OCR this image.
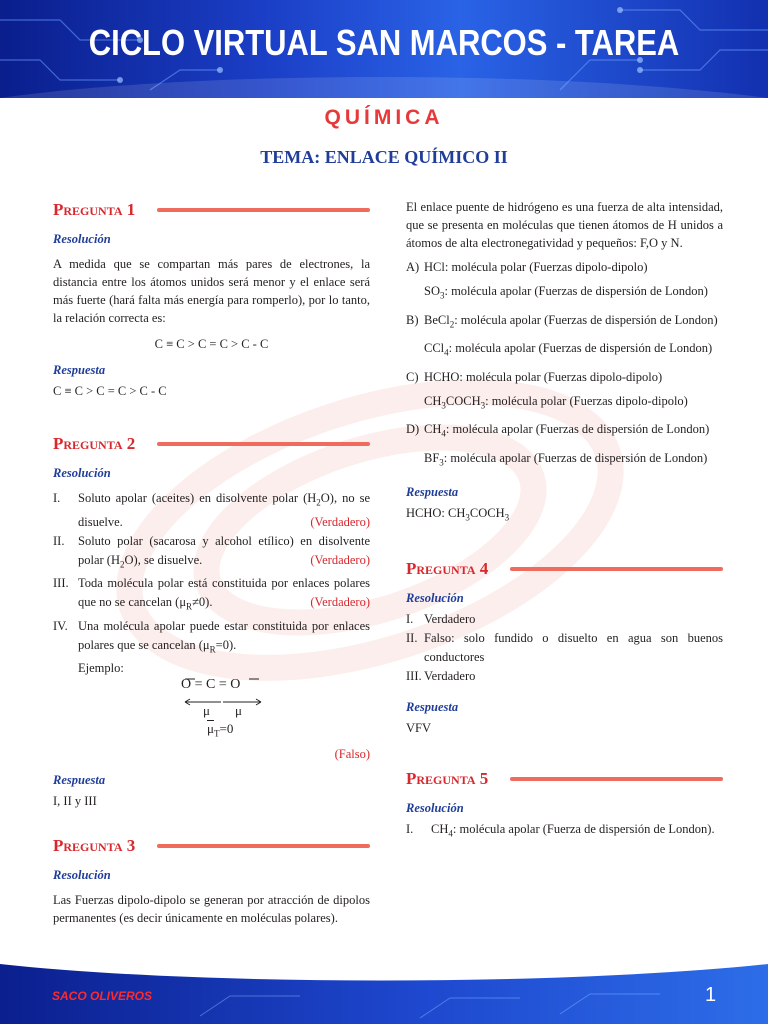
CICLO VIRTUAL SAN MARCOS - TAREA
QUÍMICA
TEMA: ENLACE QUÍMICO II
Pregunta 1
Resolución
A medida que se compartan más pares de electrones, la distancia entre los átomos unidos será menor y el enlace será más fuerte (hará falta más energía para romperlo), por lo tanto, la relación correcta es:
C ≡ C > C = C > C - C
Respuesta
C ≡ C > C = C > C - C
Pregunta 2
Resolución
I.	Soluto apolar (aceites) en disolvente polar $(H_2O)$, no se disuelve.	(Verdadero)
II.	Soluto polar (sacarosa y alcohol etílico) en disolvente polar $(H_2O)$, se disuelve.	(Verdadero)
III. Toda molécula polar está constituida por enlaces polares que no se cancelan $(\mu_R\ne 0)$.	(Verdadero)
IV. Una molécula apolar puede estar constituida por enlaces polares que se cancelan $(\mu_R=0)$.
Ejemplo:
O = C = O
μ μ
$\overline{\mu}_T=0$
(Falso)
Respuesta
I, II y III
Pregunta 3
Resolución
Las Fuerzas dipolo-dipolo se generan por atracción de dipolos permanentes (es decir únicamente en moléculas polares).
El enlace puente de hidrógeno es una fuerza de alta intensidad, que se presenta en moléculas que tienen átomos de H unidos a átomos de alta electronegatividad y pequeños: F,O y N.
A) HCl: molécula polar (Fuerzas dipolo-dipolo)
$SO_3$: molécula apolar (Fuerzas de dispersión de London)
B) BeCl$_2$: molécula apolar (Fuerzas de dispersión de London)
CCl$_4$: molécula apolar (Fuerzas de dispersión de London)
C) HCHO: molécula polar (Fuerzas dipolo-dipolo)
$CH_3COCH_3$: molécula polar (Fuerzas dipolo-dipolo)
D) $CH_4$: molécula apolar (Fuerzas de dispersión de London)
$BF_3$: molécula apolar (Fuerzas de dispersión de London)
Respuesta
HCHO: $CH_3COCH_3$
Pregunta 4
Resolución
I. Verdadero
II. Falso: solo fundido o disuelto en agua son buenos conductores
III. Verdadero
Respuesta
VFV
Pregunta 5
Resolución
I.	$CH_4$: molécula apolar (Fuerza de dispersión de London).
SACO OLIVEROS	1
